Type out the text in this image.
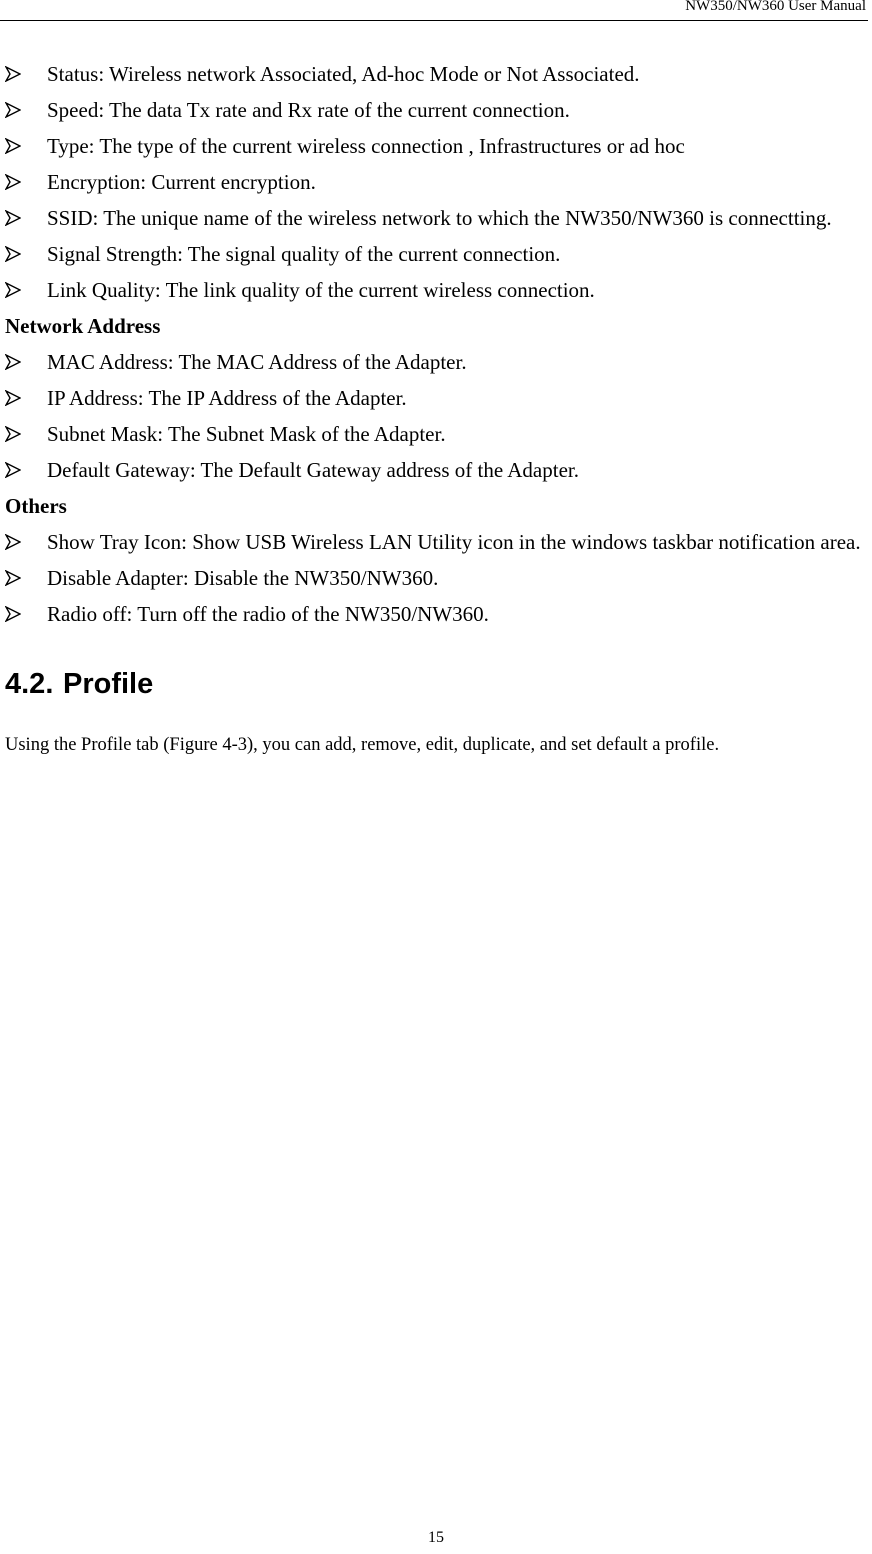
NW350/NW360 User Manual
Status: Wireless network Associated, Ad-hoc Mode or Not Associated.
Speed: The data Tx rate and Rx rate of the current connection.
Type: The type of the current wireless connection , Infrastructures or ad hoc
Encryption: Current encryption.
SSID: The unique name of the wireless network to which the NW350/NW360 is connectting.
Signal Strength: The signal quality of the current connection.
Link Quality: The link quality of the current wireless connection.
Network Address
MAC Address: The MAC Address of the Adapter.
IP Address: The IP Address of the Adapter.
Subnet Mask: The Subnet Mask of the Adapter.
Default Gateway: The Default Gateway address of the Adapter.
Others
Show Tray Icon: Show USB Wireless LAN Utility icon in the windows taskbar notification area.
Disable Adapter: Disable the NW350/NW360.
Radio off: Turn off the radio of the NW350/NW360.
4.2. Profile
Using the Profile tab (Figure 4-3), you can add, remove, edit, duplicate, and set default a profile.
15
